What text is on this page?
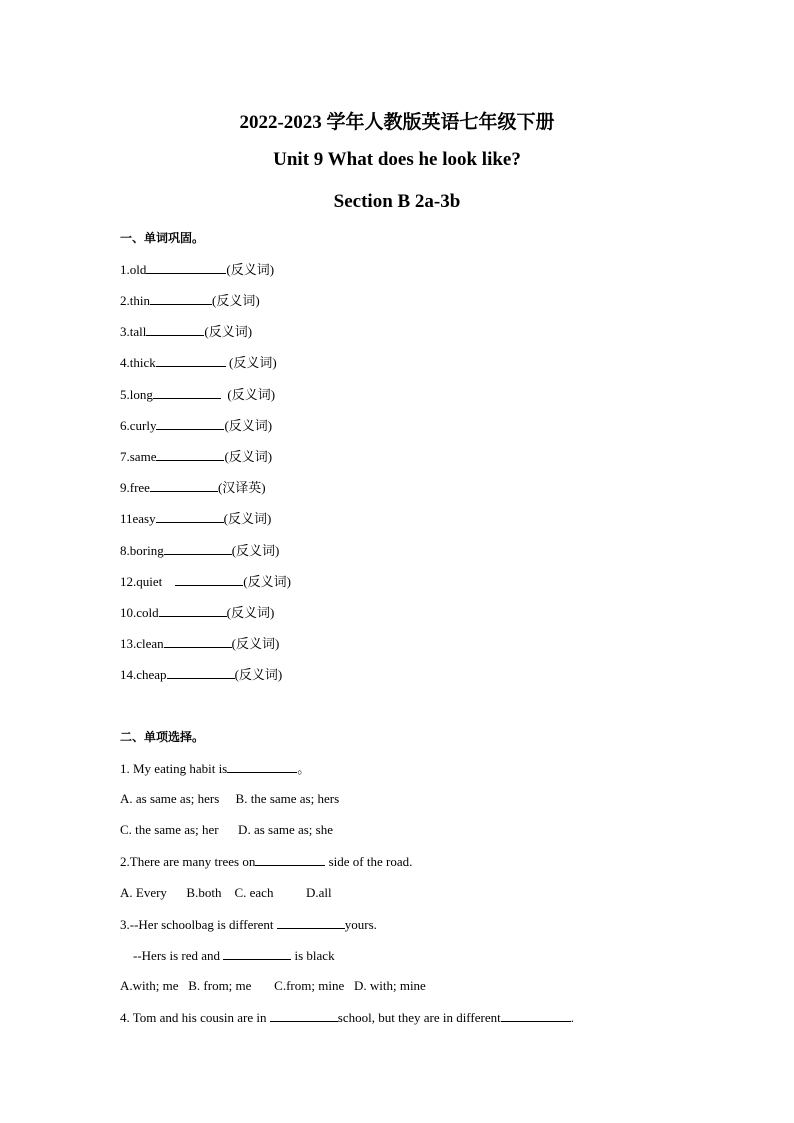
2022-2023 学年人教版英语七年级下册
Unit 9 What does he look like?
Section B 2a-3b
一、单词巩固。
1.old	(反义词)
2.thin	(反义词)
3.tall	(反义词)
4.thick	(反义词)
5.long	(反义词)
6.curly	(反义词)
7.same	(反义词)
9.free	(汉译英)
11easy	(反义词)
8.boring	(反义词)
12.quiet	(反义词)
10.cold	(反义词)
13.clean	(反义词)
14.cheap	(反义词)
二、单项选择。
1. My eating habit is	。
A. as same as; hers     B. the same as; hers
C. the same as; her      D. as same as; she
2.There are many trees on	side of the road.
A. Every      B.both    C. each          D.all
3.--Her schoolbag is different	yours.
--Hers is red and	is black
A.with; me   B. from; me       C.from; mine   D. with; mine
4. Tom and his cousin are in	school, but they are in different	.
